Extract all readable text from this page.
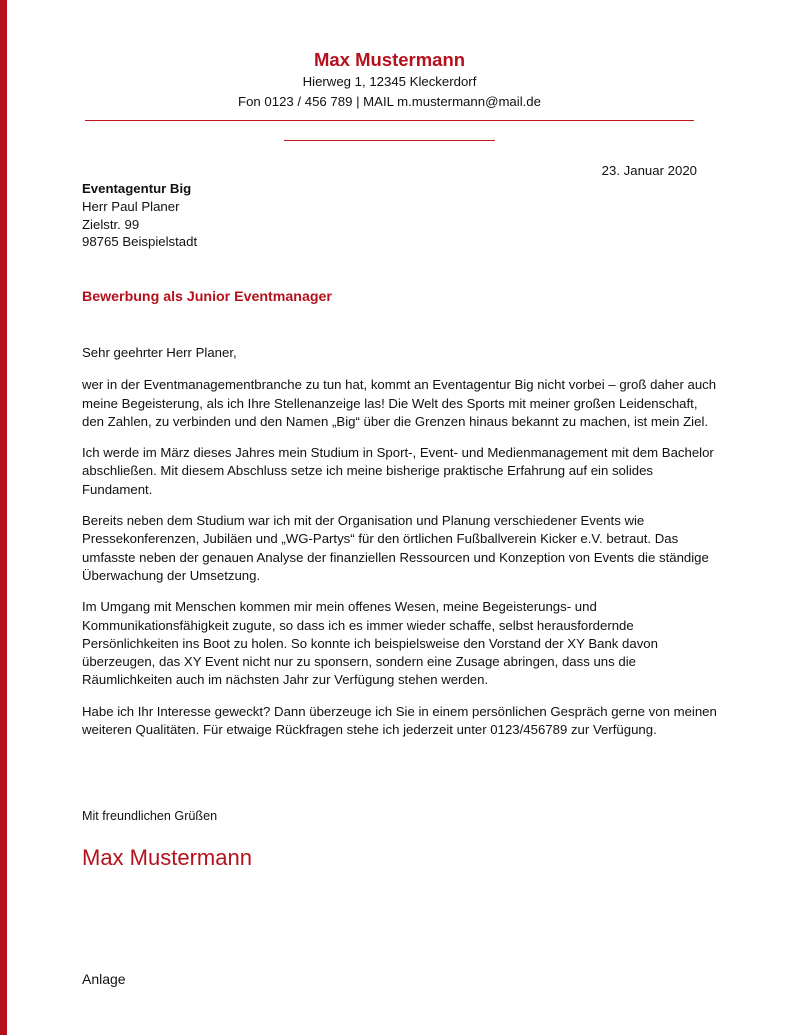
Max Mustermann
Hierweg 1, 12345 Kleckerdorf
Fon 0123 / 456 789 | MAIL m.mustermann@mail.de
23. Januar 2020
Eventagentur Big
Herr Paul Planer
Zielstr. 99
98765 Beispielstadt
Bewerbung als Junior Eventmanager

Sehr geehrter Herr Planer,

wer in der Eventmanagementbranche zu tun hat, kommt an Eventagentur Big nicht vorbei – groß daher auch meine Begeisterung, als ich Ihre Stellenanzeige las! Die Welt des Sports mit meiner großen Leidenschaft, den Zahlen, zu verbinden und den Namen „Big“ über die Grenzen hinaus bekannt zu machen, ist mein Ziel.

Ich werde im März dieses Jahres mein Studium in Sport-, Event- und Medienmanagement mit dem Bachelor abschließen. Mit diesem Abschluss setze ich meine bisherige praktische Erfahrung auf ein solides Fundament.

Bereits neben dem Studium war ich mit der Organisation und Planung verschiedener Events wie Pressekonferenzen, Jubiläen und „WG-Partys“ für den örtlichen Fußballverein Kicker e.V. betraut. Das umfasste neben der genauen Analyse der finanziellen Ressourcen und Konzeption von Events die ständige Überwachung der Umsetzung.

Im Umgang mit Menschen kommen mir mein offenes Wesen, meine Begeisterungs- und Kommunikationsfähigkeit zugute, so dass ich es immer wieder schaffe, selbst herausfordernde Persönlichkeiten ins Boot zu holen. So konnte ich beispielsweise den Vorstand der XY Bank davon überzeugen, das XY Event nicht nur zu sponsern, sondern eine Zusage abringen, dass uns die Räumlichkeiten auch im nächsten Jahr zur Verfügung stehen werden.

Habe ich Ihr Interesse geweckt? Dann überzeuge ich Sie in einem persönlichen Gespräch gerne von meinen weiteren Qualitäten. Für etwaige Rückfragen stehe ich jederzeit unter 0123/456789 zur Verfügung.

Mit freundlichen Grüßen
Max Mustermann
Anlage
